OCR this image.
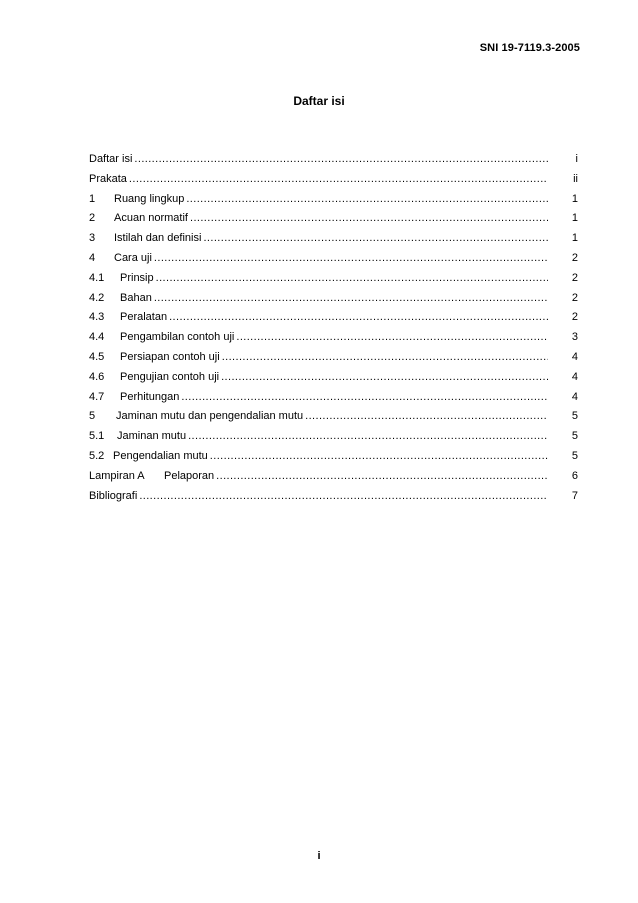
SNI 19-7119.3-2005
Daftar isi
Daftar isi .....	i
Prakata .....	ii
1	Ruang lingkup .....	1
2	Acuan normatif .....	1
3	Istilah dan definisi .....	1
4	Cara uji .....	2
4.1	Prinsip .....	2
4.2	Bahan .....	2
4.3	Peralatan .....	2
4.4	Pengambilan contoh uji .....	3
4.5	Persiapan contoh uji .....	4
4.6	Pengujian contoh uji .....	4
4.7	Perhitungan .....	4
5	Jaminan mutu dan pengendalian mutu .....	5
5.1	Jaminan mutu .....	5
5.2 Pengendalian mutu .....	5
Lampiran A	Pelaporan .....	6
Bibliografi .....	7
i
